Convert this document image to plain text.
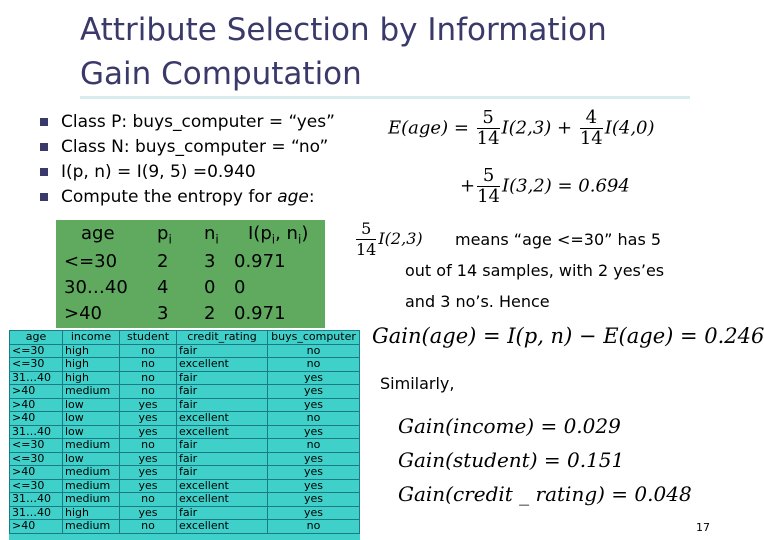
Attribute Selection by Information Gain Computation
Class P: buys_computer = “yes”
Class N: buys_computer = “no”
I(p, n) = I(9, 5) =0.940
Compute the entropy for age:
age $p_i$ $n_i$ $I(p_i$, $n_i$)
<=30 2 3 0.971
30…40 4 0 0
>40	3 2 0.971
age	income	student	credit_rating	buys_computer
<=30	high	no	fair	no
<=30	high	no	excellent	no
31…40	high	no	fair	yes
>40	medium	no	fair	yes
>40	low	yes	fair	yes
>40	low	yes	excellent	no
31…40	low	yes	excellent	yes
<=30	medium	no	fair	no
<=30	low	yes	fair	yes
>40	medium	yes	fair	yes
<=30	medium	yes	excellent	yes
31…40	medium	no	excellent	yes
31…40	high	yes	fair	yes
>40	medium	no	excellent	no
$E(age) = \frac{5}{14} I(2,3) + \frac{4}{14} I(4,0)$
+ $\frac{5}{14} I(3,2) = 0.694$
$\frac{5}{14} I(2,3)$ means “age <=30” has 5
out of 14 samples, with 2 yes’es
and 3 no’s. Hence
Gain(age) = I(p, n) − E(age) = 0.246
Similarly,
Gain(income) = 0.029
Gain(student) = 0.151
Gain(credit _ rating) = 0.048
17
